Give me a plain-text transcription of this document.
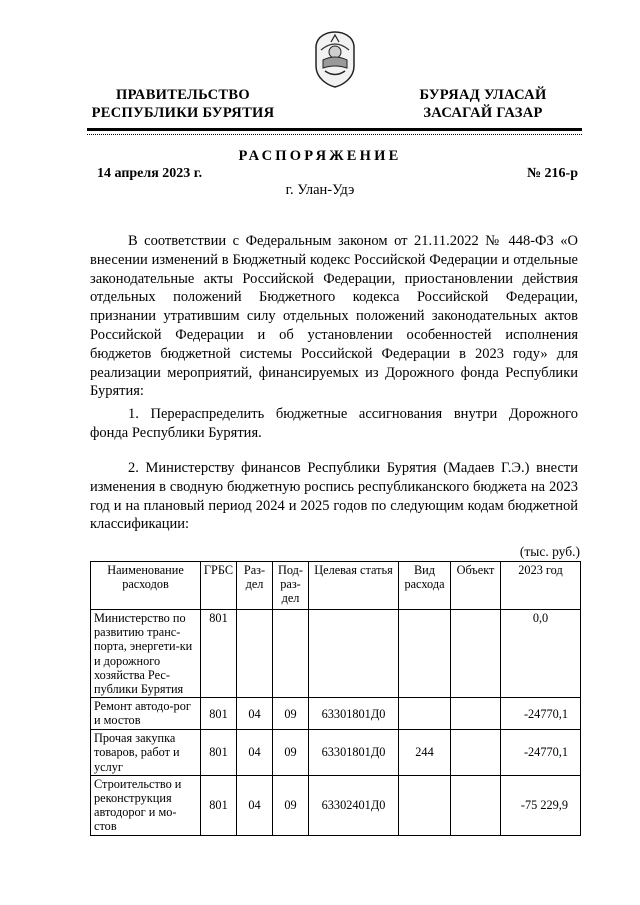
ПРАВИТЕЛЬСТВО
РЕСПУБЛИКИ БУРЯТИЯ
БУРЯАД УЛАСАЙ
ЗАСАГАЙ ГАЗАР
РАСПОРЯЖЕНИЕ
14 апреля 2023 г.	№ 216-р
г. Улан-Удэ

В соответствии с Федеральным законом от 21.11.2022 № 448-ФЗ «О внесении изменений в Бюджетный кодекс Российской Федерации и отдельные законодательные акты Российской Федерации, приостановлении действия отдельных положений Бюджетного кодекса Российской Федерации, признании утратившим силу отдельных положений законодательных актов Российской Федерации и об установлении особенностей исполнения бюджетов бюджетной системы Российской Федерации в 2023 году» для реализации мероприятий, финансируемых из Дорожного фонда Республики Бурятия:

1. Перераспределить бюджетные ассигнования внутри Дорожного фонда Республики Бурятия.

2. Министерству финансов Республики Бурятия (Мадаев Г.Э.) внести изменения в сводную бюджетную роспись республиканского бюджета на 2023 год и на плановый период 2024 и 2025 годов по следующим кодам бюджетной классификации:

(тыс. руб.)
Наименование расходов	ГРБС	Раз-дел	Под-раз-дел	Целевая статья	Вид расхода	Объект	2023 год
Министерство по развитию транс-порта, энергети-ки и дорожного хозяйства Рес-публики Бурятия	801						0,0
Ремонт автодо-рог и мостов	801	04	09	63301801Д0			-24770,1
Прочая закупка товаров, работ и услуг	801	04	09	63301801Д0	244		-24770,1
Строительство и реконструкция автодорог и мо-стов	801	04	09	63302401Д0			-75 229,9
